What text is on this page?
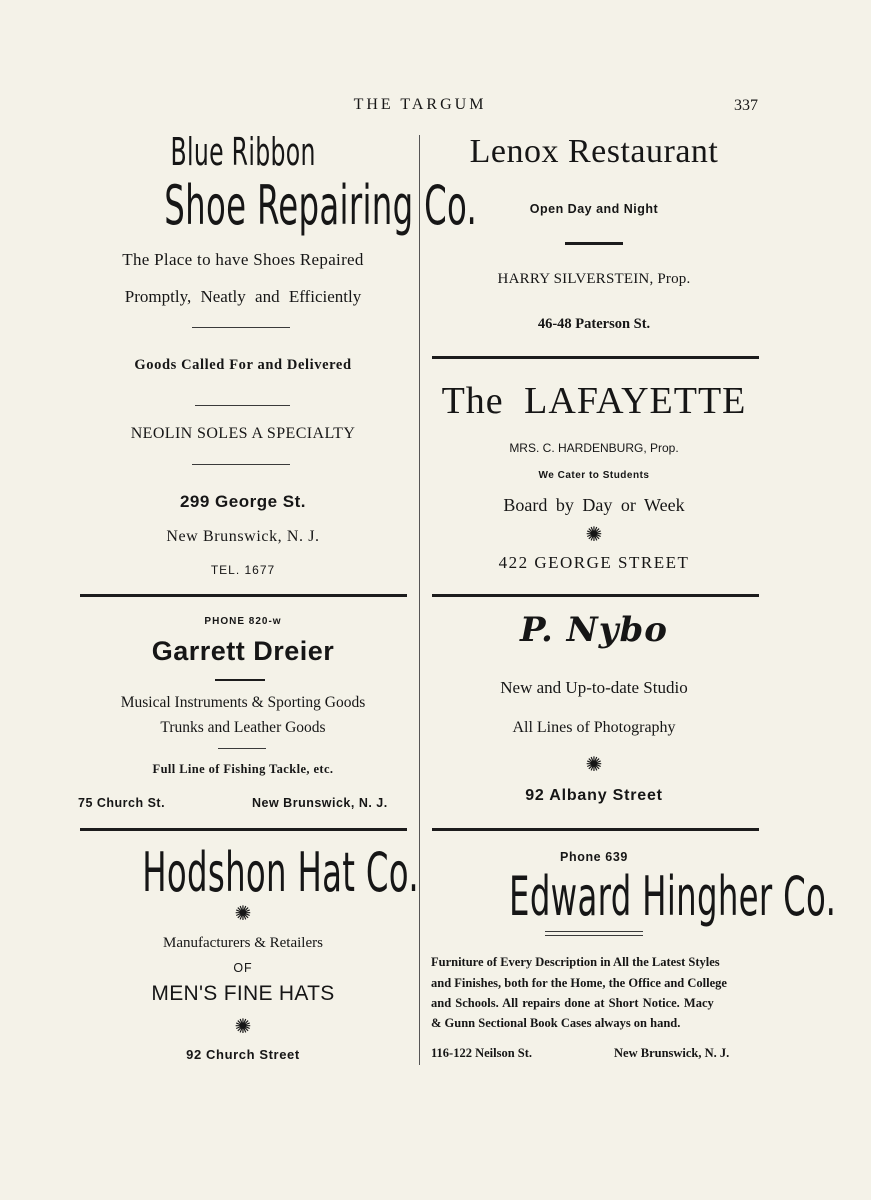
THE TARGUM	337
Blue Ribbon
Shoe Repairing Co.
The Place to have Shoes Repaired
Promptly, Neatly and Efficiently
Goods Called For and Delivered
NEOLIN SOLES A SPECIALTY
299 George St.
New Brunswick, N. J.
TEL. 1677
Lenox Restaurant
Open Day and Night
HARRY SILVERSTEIN, Prop.
46-48 Paterson St.
The LAFAYETTE
MRS. C. HARDENBURG, Prop.
We Cater to Students
Board by Day or Week
✺
422 GEORGE STREET
PHONE 820-w
Garrett Dreier
Musical Instruments & Sporting Goods
Trunks and Leather Goods
Full Line of Fishing Tackle, etc.
75 Church St.	New Brunswick, N. J.
P. Nybo
New and Up-to-date Studio
All Lines of Photography
✺
92 Albany Street
Hodshon Hat Co.
✺
Manufacturers & Retailers
OF
MEN'S FINE HATS
✺
92 Church Street
Phone 639
Edward Hingher Co.
Furniture of Every Description in All the Latest Styles
and Finishes, both for the Home, the Office and College
and Schools. All repairs done at Short Notice. Macy
& Gunn Sectional Book Cases always on hand.
116-122 Neilson St.	New Brunswick, N. J.
